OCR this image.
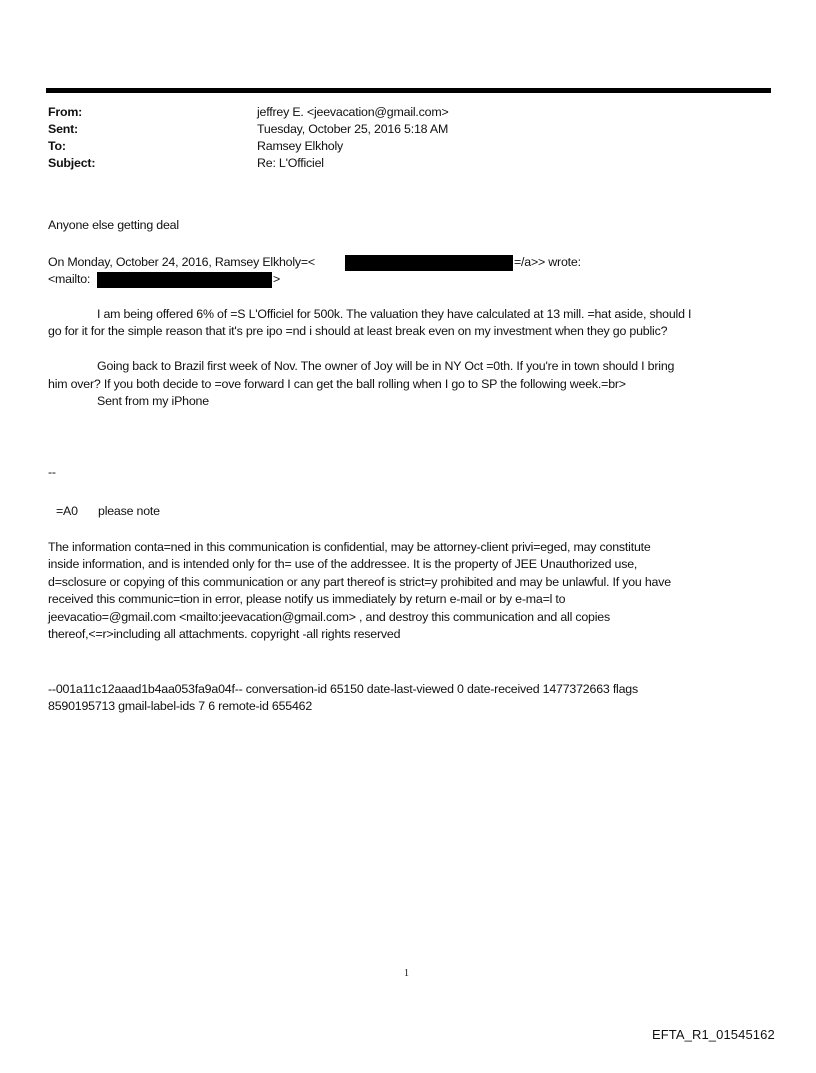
From:	jeffrey E. <jeevacation@gmail.com>
Sent:	Tuesday, October 25, 2016 5:18 AM
To:	Ramsey Elkholy
Subject:	Re: L'Officiel
Anyone else getting deal
On Monday, October 24, 2016, Ramsey Elkholy=<	=/a>> wrote:
<mailto:	>
I am being offered 6% of =S L'Officiel for 500k. The valuation they have calculated at 13 mill. =hat aside, should I
go for it for the simple reason that it's pre ipo =nd i should at least break even on my investment when they go public?
Going back to Brazil first week of Nov. The owner of Joy will be in NY Oct =0th. If you're in town should I bring
him over? If you both decide to =ove forward I can get the ball rolling when I go to SP the following week.=br>
Sent from my iPhone
--
=A0 please note
The information conta=ned in this communication is confidential, may be attorney-client privi=eged, may constitute
inside information, and is intended only for th= use of the addressee. It is the property of JEE Unauthorized use,
d=sclosure or copying of this communication or any part thereof is strict=y prohibited and may be unlawful. If you have
received this communic=tion in error, please notify us immediately by return e-mail or by e-ma=l to
jeevacatio=@gmail.com <mailto:jeevacation@gmail.com> , and destroy this communication and all copies
thereof,<=r>including all attachments. copyright -all rights reserved
--001a11c12aaad1b4aa053fa9a04f-- conversation-id 65150 date-last-viewed 0 date-received 1477372663 flags
8590195713 gmail-label-ids 7 6 remote-id 655462
1
EFTA_R1_01545162
